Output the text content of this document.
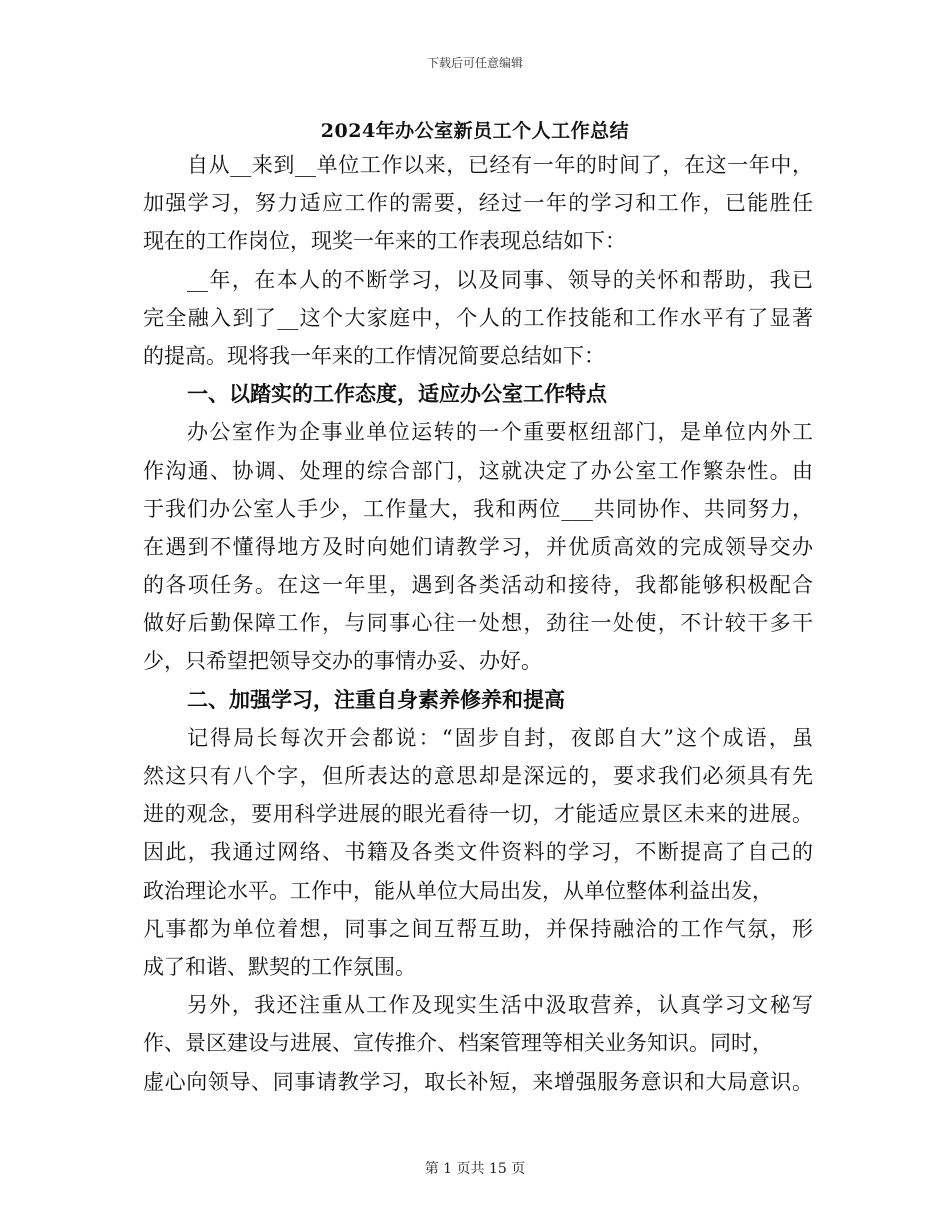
下载后可任意编辑
2024年办公室新员工个人工作总结
自从__来到__单位工作以来，已经有一年的时间了，在这一年中，
加强学习，努力适应工作的需要，经过一年的学习和工作，已能胜任
现在的工作岗位，现奖一年来的工作表现总结如下：
__年，在本人的不断学习，以及同事、领导的关怀和帮助，我已
完全融入到了__这个大家庭中，个人的工作技能和工作水平有了显著
的提高。现将我一年来的工作情况简要总结如下：
一、以踏实的工作态度，适应办公室工作特点
办公室作为企事业单位运转的一个重要枢纽部门，是单位内外工
作沟通、协调、处理的综合部门，这就决定了办公室工作繁杂性。由
于我们办公室人手少，工作量大，我和两位___共同协作、共同努力，
在遇到不懂得地方及时向她们请教学习，并优质高效的完成领导交办
的各项任务。在这一年里，遇到各类活动和接待，我都能够积极配合
做好后勤保障工作，与同事心往一处想，劲往一处使，不计较干多干
少，只希望把领导交办的事情办妥、办好。
二、加强学习，注重自身素养修养和提高
记得局长每次开会都说：“固步自封，夜郎自大”这个成语，虽
然这只有八个字，但所表达的意思却是深远的，要求我们必须具有先
进的观念，要用科学进展的眼光看待一切，才能适应景区未来的进展。
因此，我通过网络、书籍及各类文件资料的学习，不断提高了自己的
政治理论水平。工作中，能从单位大局出发，从单位整体利益出发，
凡事都为单位着想，同事之间互帮互助，并保持融洽的工作气氛，形
成了和谐、默契的工作氛围。
另外，我还注重从工作及现实生活中汲取营养，认真学习文秘写
作、景区建设与进展、宣传推介、档案管理等相关业务知识。同时，
虚心向领导、同事请教学习，取长补短，来增强服务意识和大局意识。
第 1 页共 15 页
